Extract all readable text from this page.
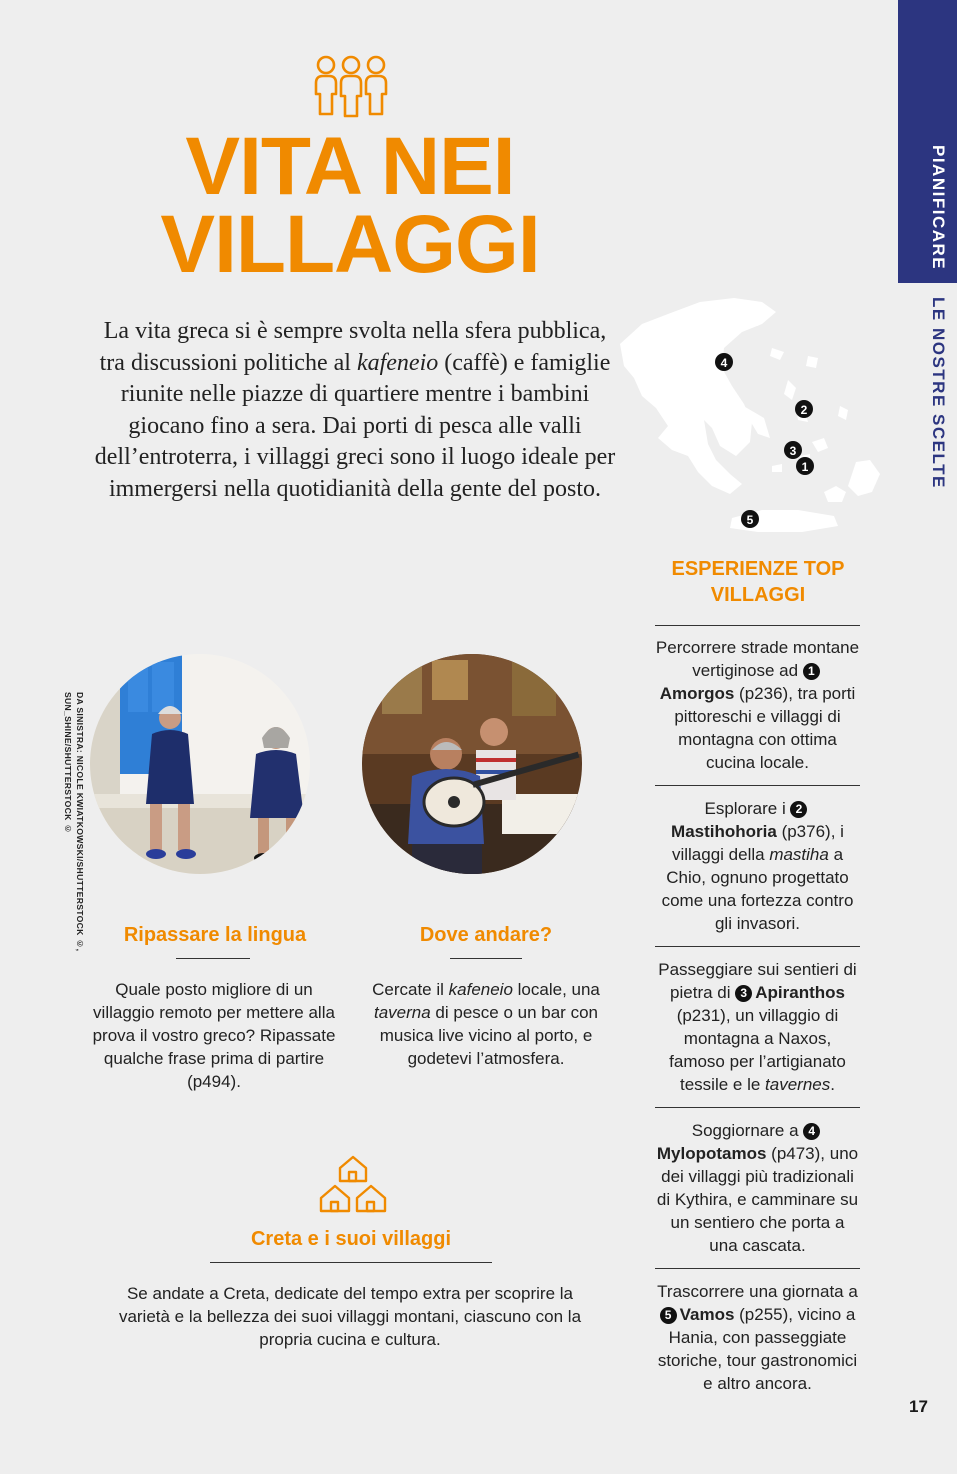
PIANIFICARE
LE NOSTRE SCELTE
VITA NEI
VILLAGGI
La vita greca si è sempre svolta nella sfera pubblica, tra discussioni politiche al kafeneio (caffè) e famiglie riunite nelle piazze di quartiere mentre i bambini giocano fino a sera. Dai porti di pesca alle valli dell’entroterra, i villaggi greci sono il luogo ideale per immergersi nella quotidianità della gente del posto.
4
2
3
1
5
DA SINISTRA: NICOLE KWIATKOWSKI/SHUTTERSTOCK ©,
SUN_SHINE/SHUTTERSTOCK ©
Ripassare la lingua
Quale posto migliore di un villaggio remoto per mettere alla prova il vostro greco? Ripassate qualche frase prima di partire (p494).
Dove andare?
Cercate il kafeneio locale, una taverna di pesce o un bar con musica live vicino al porto, e godetevi l’atmosfera.
Creta e i suoi villaggi
Se andate a Creta, dedicate del tempo extra per scoprire la varietà e la bellezza dei suoi villaggi montani, ciascuno con la propria cucina e cultura.
ESPERIENZE TOP
VILLAGGI
Percorrere strade montane vertiginose ad 1Amorgos (p236), tra porti pittoreschi e villaggi di montagna con ottima cucina locale.
Esplorare i 2Mastihohoria (p376), i villaggi della mastiha a Chio, ognuno progettato come una fortezza contro gli invasori.
Passeggiare sui sentieri di pietra di 3 Apiranthos (p231), un villaggio di montagna a Naxos, famoso per l’artigianato tessile e le tavernes.
Soggiornare a 4Mylopotamos (p473), uno dei villaggi più tradizionali di Kythira, e camminare su un sentiero che porta a una cascata.
Trascorrere una giornata a 5 Vamos (p255), vicino a Hania, con passeggiate storiche, tour gastronomici e altro ancora.
17
